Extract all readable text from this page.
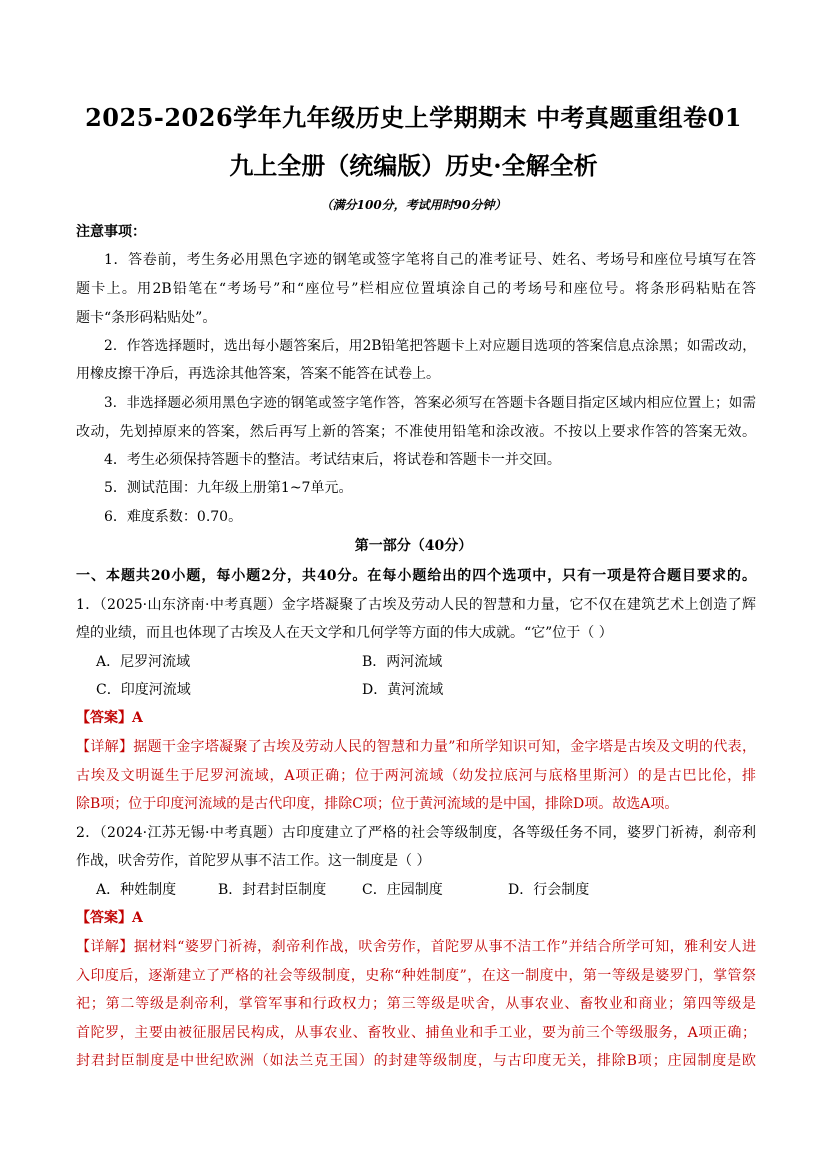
2025-2026学年九年级历史上学期期末 中考真题重组卷01
九上全册（统编版）历史·全解全析
（满分100分，考试用时90分钟）
注意事项：
1．答卷前，考生务必用黑色字迹的钢笔或签字笔将自己的准考证号、姓名、考场号和座位号填写在答
题卡上。用2B铅笔在“考场号”和“座位号”栏相应位置填涂自己的考场号和座位号。将条形码粘贴在答
题卡“条形码粘贴处”。
2．作答选择题时，选出每小题答案后，用2B铅笔把答题卡上对应题目选项的答案信息点涂黑；如需改动，
用橡皮擦干净后，再选涂其他答案，答案不能答在试卷上。
3．非选择题必须用黑色字迹的钢笔或签字笔作答，答案必须写在答题卡各题目指定区域内相应位置上；如需
改动，先划掉原来的答案，然后再写上新的答案；不准使用铅笔和涂改液。不按以上要求作答的答案无效。
4．考生必须保持答题卡的整洁。考试结束后，将试卷和答题卡一并交回。
5．测试范围：九年级上册第1~7单元。
6．难度系数：0.70。
第一部分（40分）
一、本题共20小题，每小题2分，共40分。在每小题给出的四个选项中，只有一项是符合题目要求的。
1．（2025·山东济南·中考真题）金字塔凝聚了古埃及劳动人民的智慧和力量，它不仅在建筑艺术上创造了辉
煌的业绩，而且也体现了古埃及人在天文学和几何学等方面的伟大成就。“它”位于（ ）
A．尼罗河流域	B．两河流域
C．印度河流域	D．黄河流域
【答案】A
【详解】据题干金字塔凝聚了古埃及劳动人民的智慧和力量”和所学知识可知，金字塔是古埃及文明的代表，
古埃及文明诞生于尼罗河流域，A项正确；位于两河流域（幼发拉底河与底格里斯河）的是古巴比伦，排
除B项；位于印度河流域的是古代印度，排除C项；位于黄河流域的是中国，排除D项。故选A项。
2．（2024·江苏无锡·中考真题）古印度建立了严格的社会等级制度，各等级任务不同，婆罗门祈祷，刹帝利
作战，吠舍劳作，首陀罗从事不洁工作。这一制度是（ ）
A．种姓制度	B．封君封臣制度	C．庄园制度	D．行会制度
【答案】A
【详解】据材料“婆罗门祈祷，刹帝利作战，吠舍劳作，首陀罗从事不洁工作”并结合所学可知，雅利安人进
入印度后，逐渐建立了严格的社会等级制度，史称“种姓制度”，在这一制度中，第一等级是婆罗门，掌管祭
祀；第二等级是刹帝利，掌管军事和行政权力；第三等级是吠舍，从事农业、畜牧业和商业；第四等级是
首陀罗，主要由被征服居民构成，从事农业、畜牧业、捕鱼业和手工业，要为前三个等级服务，A项正确；
封君封臣制度是中世纪欧洲（如法兰克王国）的封建等级制度，与古印度无关，排除B项；庄园制度是欧
